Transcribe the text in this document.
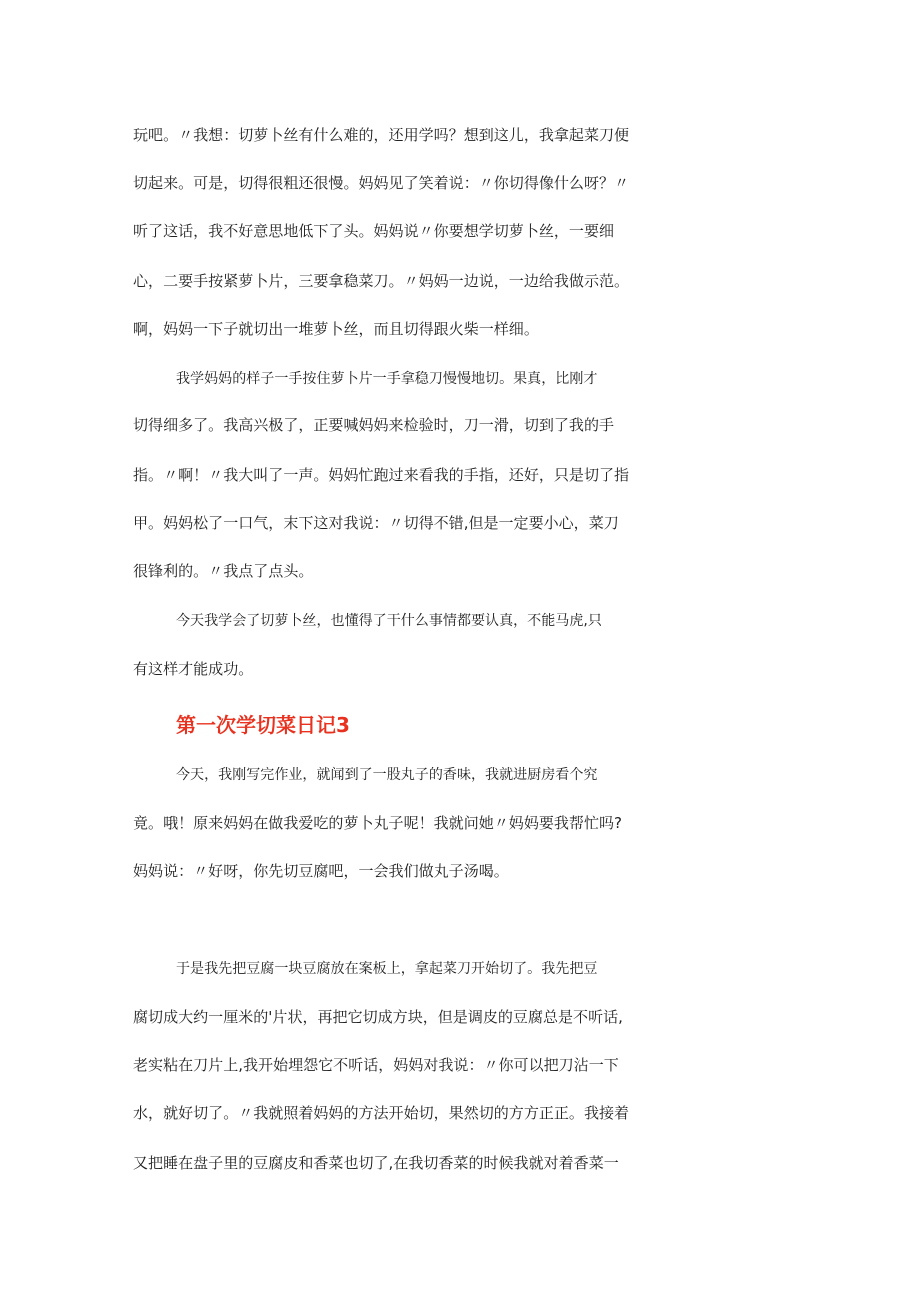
玩吧。〃我想：切萝卜丝有什么难的，还用学吗？想到这儿，我拿起菜刀便
切起来。可是，切得很粗还很慢。妈妈见了笑着说：〃你切得像什么呀？〃
听了这话，我不好意思地低下了头。妈妈说〃你要想学切萝卜丝，一要细
心，二要手按紧萝卜片，三要拿稳菜刀。〃妈妈一边说，一边给我做示范。
啊，妈妈一下子就切出一堆萝卜丝，而且切得跟火柴一样细。
我学妈妈的样子一手按住萝卜片一手拿稳刀慢慢地切。果真，比刚才
切得细多了。我高兴极了，正要喊妈妈来检验时，刀一滑，切到了我的手
指。〃啊！〃我大叫了一声。妈妈忙跑过来看我的手指，还好，只是切了指
甲。妈妈松了一口气，末下这对我说：〃切得不错,但是一定要小心，菜刀
很锋利的。〃我点了点头。
今天我学会了切萝卜丝，也懂得了干什么事情都要认真，不能马虎,只
有这样才能成功。
第一次学切菜日记3
今天，我刚写完作业，就闻到了一股丸子的香味，我就进厨房看个究
竟。哦！原来妈妈在做我爱吃的萝卜丸子呢！我就问她〃妈妈要我帮忙吗?
妈妈说：〃好呀，你先切豆腐吧，一会我们做丸子汤喝。
于是我先把豆腐一块豆腐放在案板上，拿起菜刀开始切了。我先把豆
腐切成大约一厘米的'片状，再把它切成方块，但是调皮的豆腐总是不听话,
老实粘在刀片上,我开始埋怨它不听话，妈妈对我说：〃你可以把刀沾一下
水，就好切了。〃我就照着妈妈的方法开始切，果然切的方方正正。我接着
又把睡在盘子里的豆腐皮和香菜也切了,在我切香菜的时候我就对着香菜一
